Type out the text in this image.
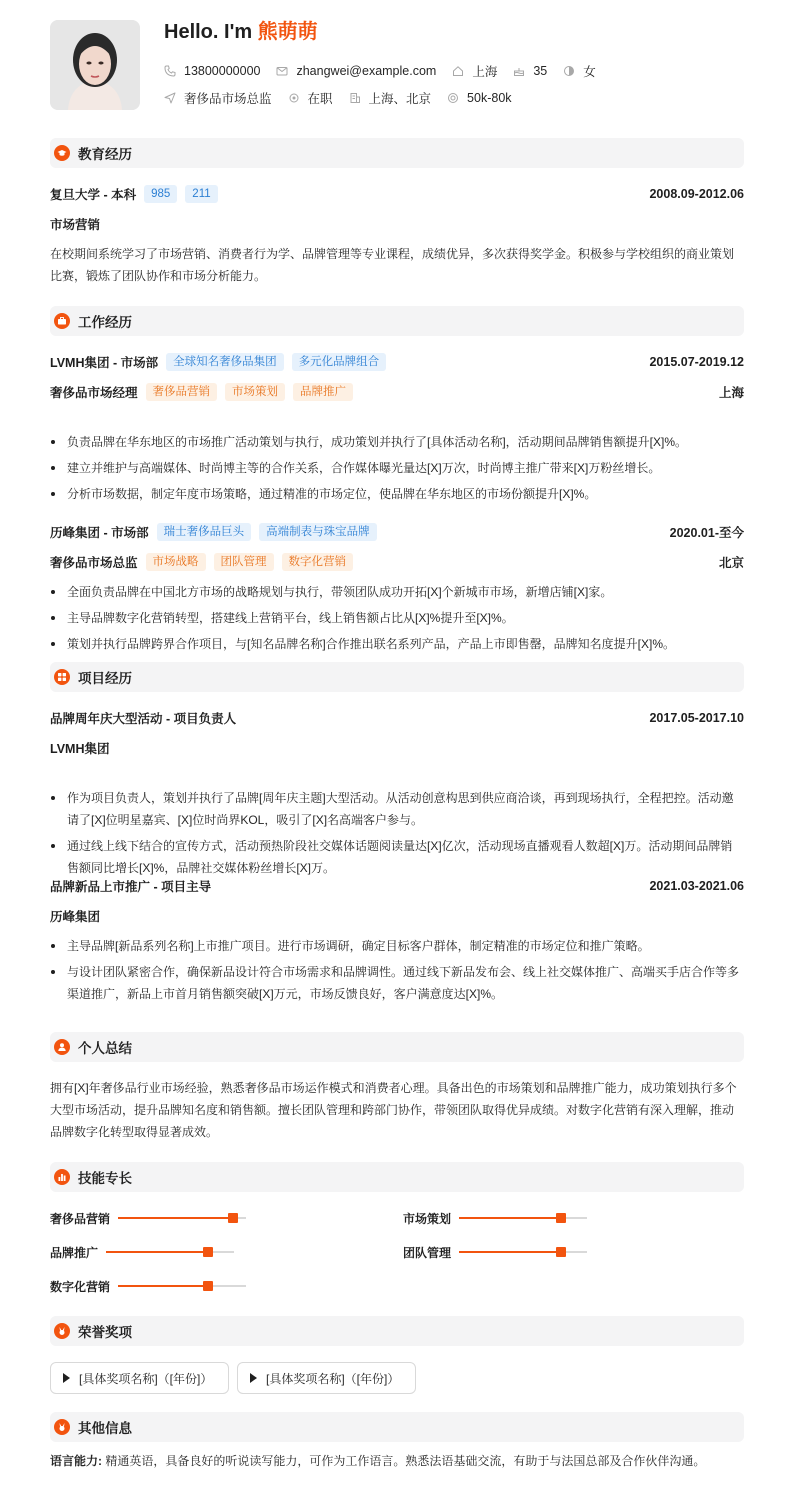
Hello. I'm 熊萌萌
13800000000	zhangwei@example.com	上海	35	女
奢侈品市场总监	在职	上海、北京	50k-80k
教育经历
复旦大学 - 本科	985	211	2008.09-2012.06
市场营销
在校期间系统学习了市场营销、消费者行为学、品牌管理等专业课程，成绩优异，多次获得奖学金。积极参与学校组织的商业策划比赛，锻炼了团队协作和市场分析能力。
工作经历
LVMH集团 - 市场部	全球知名奢侈品集团	多元化品牌组合	2015.07-2019.12
奢侈品市场经理	奢侈品营销	市场策划	品牌推广	上海
负责品牌在华东地区的市场推广活动策划与执行，成功策划并执行了[具体活动名称]，活动期间品牌销售额提升[X]%。
建立并维护与高端媒体、时尚博主等的合作关系，合作媒体曝光量达[X]万次，时尚博主推广带来[X]万粉丝增长。
分析市场数据，制定年度市场策略，通过精准的市场定位，使品牌在华东地区的市场份额提升[X]%。
历峰集团 - 市场部	瑞士奢侈品巨头	高端制表与珠宝品牌	2020.01-至今
奢侈品市场总监	市场战略	团队管理	数字化营销	北京
全面负责品牌在中国北方市场的战略规划与执行，带领团队成功开拓[X]个新城市市场，新增店铺[X]家。
主导品牌数字化营销转型，搭建线上营销平台，线上销售额占比从[X]%提升至[X]%。
策划并执行品牌跨界合作项目，与[知名品牌名称]合作推出联名系列产品，产品上市即售罄，品牌知名度提升[X]%。
项目经历
品牌周年庆大型活动 - 项目负责人	2017.05-2017.10
LVMH集团
作为项目负责人，策划并执行了品牌[周年庆主题]大型活动。从活动创意构思到供应商洽谈，再到现场执行，全程把控。活动邀请了[X]位明星嘉宾、[X]位时尚界KOL，吸引了[X]名高端客户参与。
通过线上线下结合的宣传方式，活动预热阶段社交媒体话题阅读量达[X]亿次，活动现场直播观看人数超[X]万。活动期间品牌销售额同比增长[X]%，品牌社交媒体粉丝增长[X]万。
品牌新品上市推广 - 项目主导	2021.03-2021.06
历峰集团
主导品牌[新品系列名称]上市推广项目。进行市场调研，确定目标客户群体，制定精准的市场定位和推广策略。
与设计团队紧密合作，确保新品设计符合市场需求和品牌调性。通过线下新品发布会、线上社交媒体推广、高端买手店合作等多渠道推广，新品上市首月销售额突破[X]万元，市场反馈良好，客户满意度达[X]%。
个人总结
拥有[X]年奢侈品行业市场经验，熟悉奢侈品市场运作模式和消费者心理。具备出色的市场策划和品牌推广能力，成功策划执行多个大型市场活动，提升品牌知名度和销售额。擅长团队管理和跨部门协作，带领团队取得优异成绩。对数字化营销有深入理解，推动品牌数字化转型取得显著成效。
技能专长
奢侈品营销	市场策划
品牌推广	团队管理
数字化营销
荣誉奖项
[具体奖项名称]（[年份]）	[具体奖项名称]（[年份]）
其他信息
语言能力: 精通英语，具备良好的听说读写能力，可作为工作语言。熟悉法语基础交流，有助于与法国总部及合作伙伴沟通。
